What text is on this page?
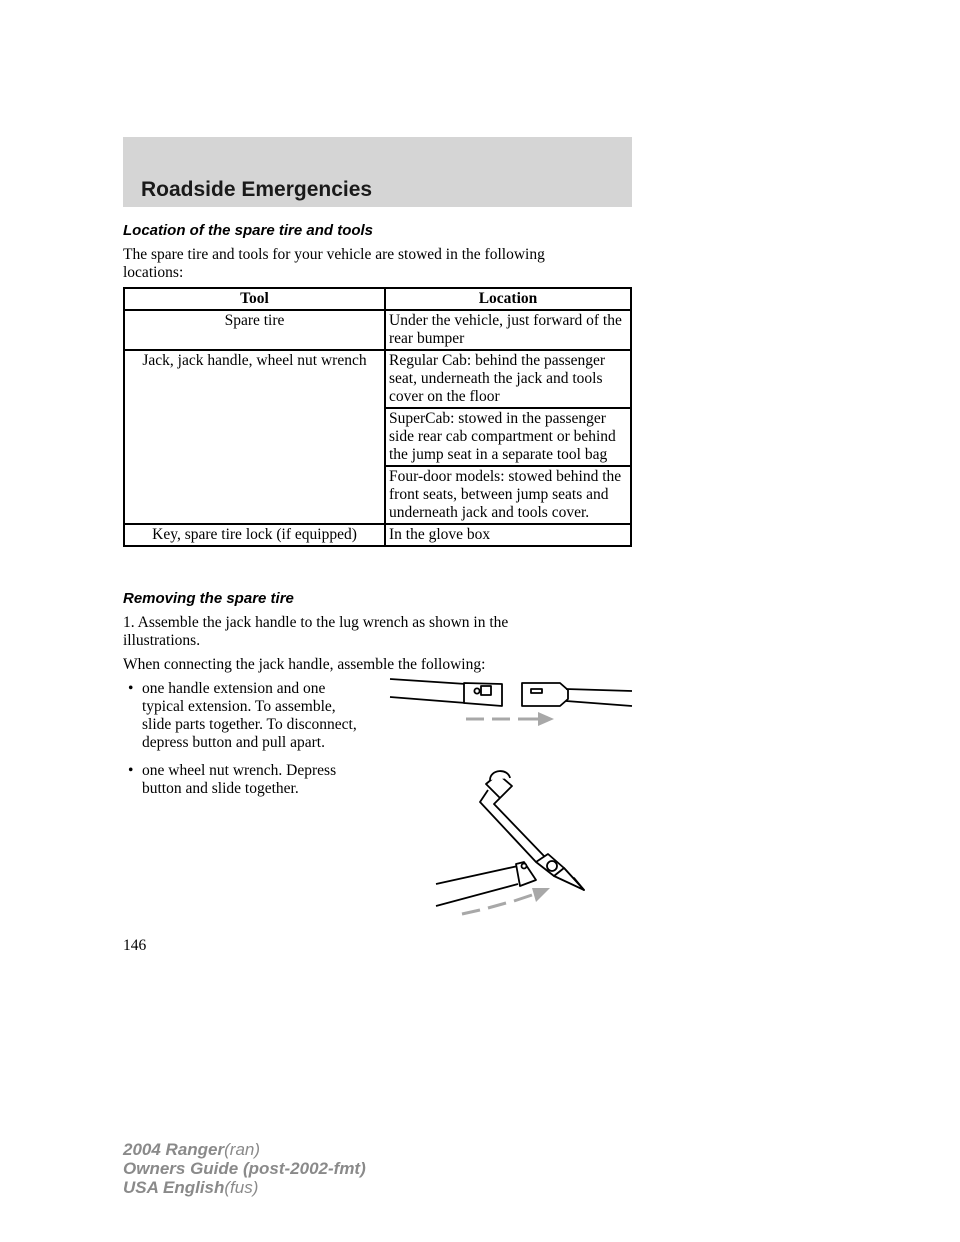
Roadside Emergencies
Location of the spare tire and tools
The spare tire and tools for your vehicle are stowed in the following locations:
Tool	Location
Spare tire	Under the vehicle, just forward of the rear bumper
Jack, jack handle, wheel nut wrench	Regular Cab: behind the passenger seat, underneath the jack and tools cover on the floor
	SuperCab: stowed in the passenger side rear cab compartment or behind the jump seat in a separate tool bag
	Four-door models: stowed behind the front seats, between jump seats and underneath jack and tools cover.
Key, spare tire lock (if equipped)	In the glove box
Removing the spare tire
1. Assemble the jack handle to the lug wrench as shown in the illustrations.
When connecting the jack handle, assemble the following:
• one handle extension and one typical extension. To assemble, slide parts together. To disconnect, depress button and pull apart.
• one wheel nut wrench. Depress button and slide together.
146
2004 Ranger(ran)
Owners Guide (post-2002-fmt)
USA English(fus)
